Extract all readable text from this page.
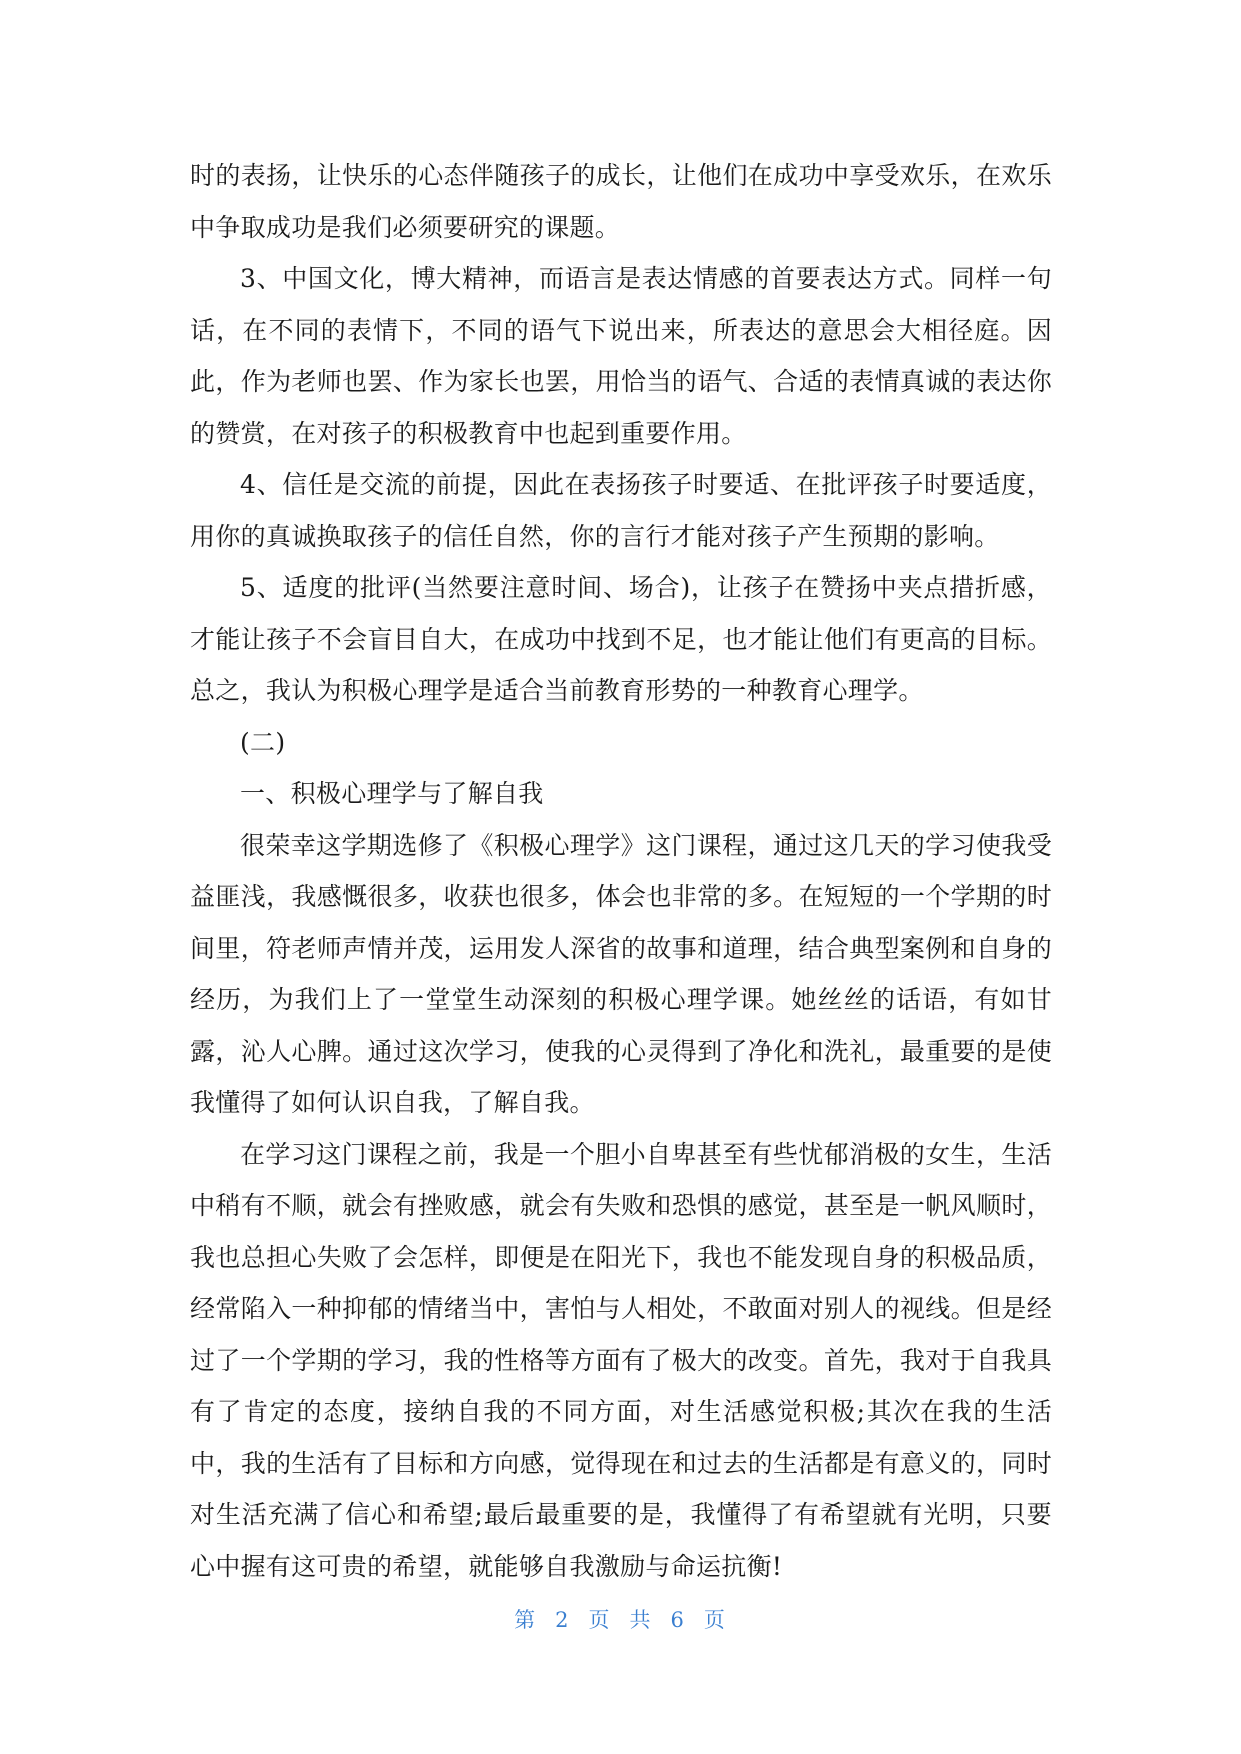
时的表扬，让快乐的心态伴随孩子的成长，让他们在成功中享受欢乐，在欢乐中争取成功是我们必须要研究的课题。

3、中国文化，博大精神，而语言是表达情感的首要表达方式。同样一句话，在不同的表情下，不同的语气下说出来，所表达的意思会大相径庭。因此，作为老师也罢、作为家长也罢，用恰当的语气、合适的表情真诚的表达你的赞赏，在对孩子的积极教育中也起到重要作用。

4、信任是交流的前提，因此在表扬孩子时要适、在批评孩子时要适度，用你的真诚换取孩子的信任自然，你的言行才能对孩子产生预期的影响。

5、适度的批评(当然要注意时间、场合)，让孩子在赞扬中夹点措折感，才能让孩子不会盲目自大，在成功中找到不足，也才能让他们有更高的目标。 总之，我认为积极心理学是适合当前教育形势的一种教育心理学。

(二)

一、积极心理学与了解自我

很荣幸这学期选修了《积极心理学》这门课程，通过这几天的学习使我受益匪浅，我感慨很多，收获也很多，体会也非常的多。在短短的一个学期的时间里，符老师声情并茂，运用发人深省的故事和道理，结合典型案例和自身的经历，为我们上了一堂堂生动深刻的积极心理学课。她丝丝的话语，有如甘露，沁人心脾。通过这次学习，使我的心灵得到了净化和洗礼，最重要的是使我懂得了如何认识自我，了解自我。

在学习这门课程之前，我是一个胆小自卑甚至有些忧郁消极的女生，生活中稍有不顺，就会有挫败感，就会有失败和恐惧的感觉，甚至是一帆风顺时，我也总担心失败了会怎样，即便是在阳光下，我也不能发现自身的积极品质，经常陷入一种抑郁的情绪当中，害怕与人相处，不敢面对别人的视线。但是经过了一个学期的学习，我的性格等方面有了极大的改变。首先，我对于自我具有了肯定的态度，接纳自我的不同方面，对生活感觉积极;其次在我的生活中，我的生活有了目标和方向感，觉得现在和过去的生活都是有意义的，同时对生活充满了信心和希望;最后最重要的是，我懂得了有希望就有光明，只要心中握有这可贵的希望，就能够自我激励与命运抗衡!

第 2 页 共 6 页
